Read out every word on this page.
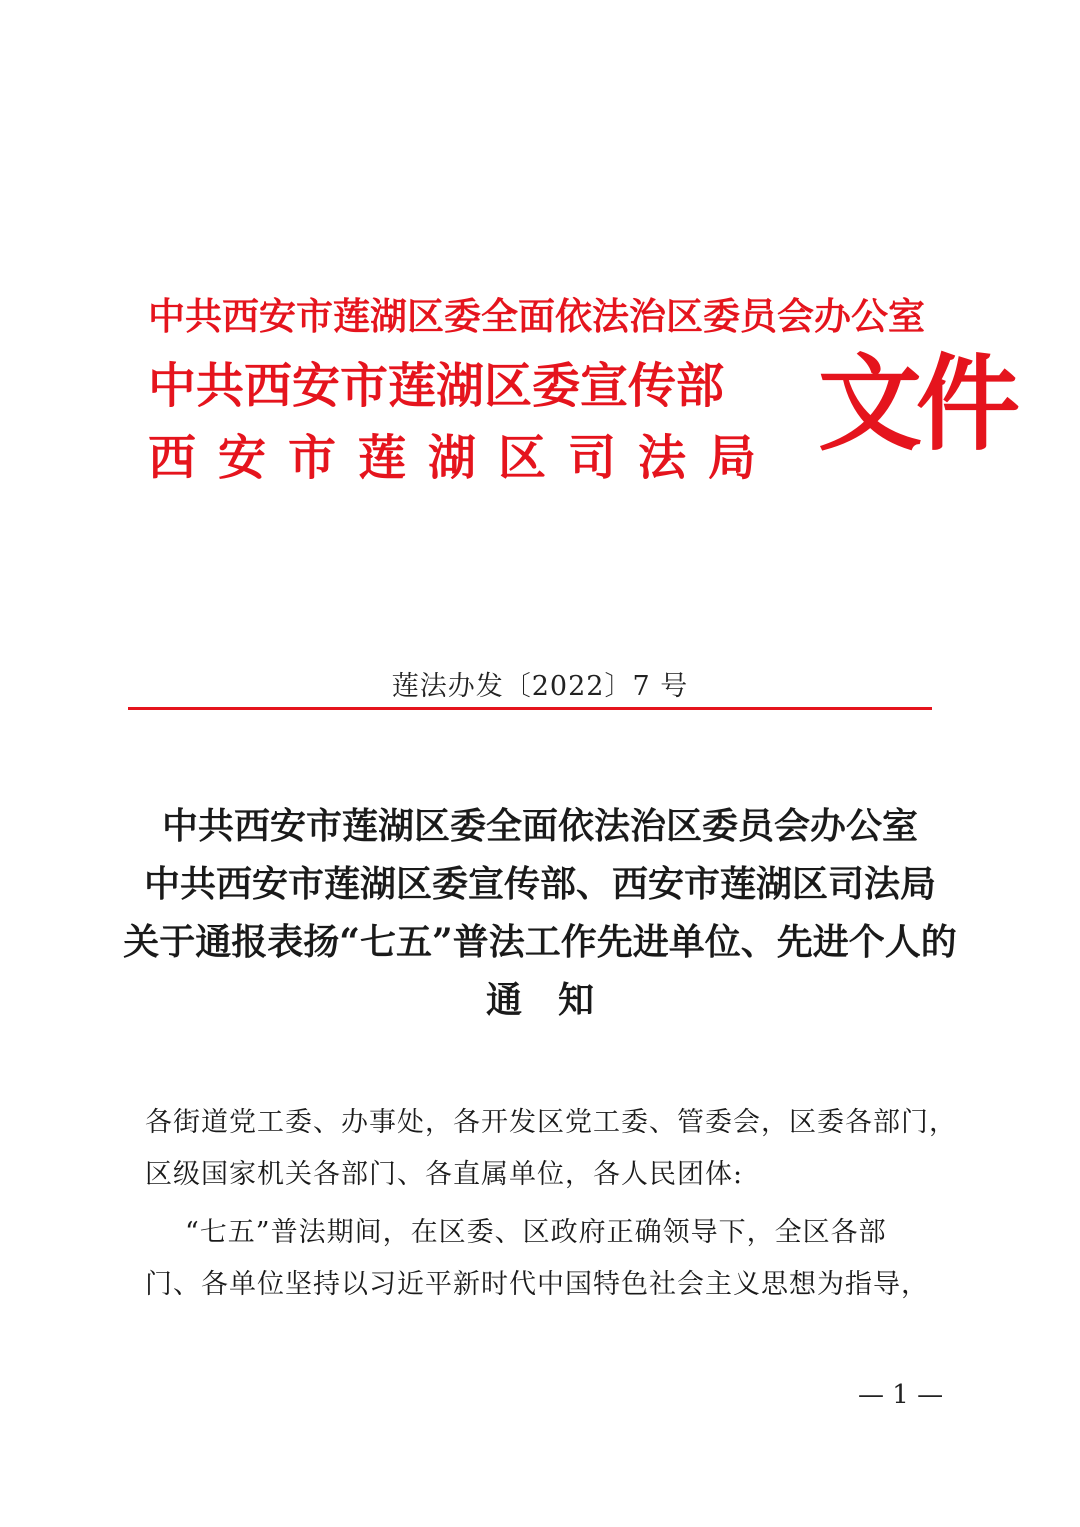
中共西安市莲湖区委全面依法治区委员会办公室
中共西安市莲湖区委宣传部
西安市莲湖区司法局 文件
莲法办发〔2022〕7 号
中共西安市莲湖区委全面依法治区委员会办公室
中共西安市莲湖区委宣传部、西安市莲湖区司法局
关于通报表扬“七五”普法工作先进单位、先进个人的
通　知
各街道党工委、办事处，各开发区党工委、管委会，区委各部门，
区级国家机关各部门、各直属单位，各人民团体:
“七五”普法期间，在区委、区政府正确领导下，全区各部
门、各单位坚持以习近平新时代中国特色社会主义思想为指导，
— 1 —
